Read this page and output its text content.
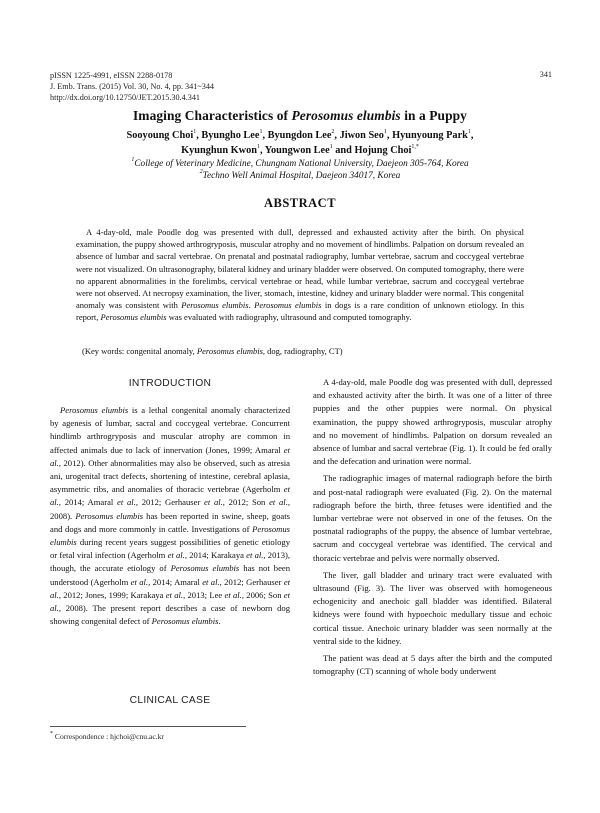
pISSN 1225-4991, eISSN 2288-0178
J. Emb. Trans. (2015) Vol. 30, No. 4, pp. 341~344
http://dx.doi.org/10.12750/JET.2015.30.4.341
341
Imaging Characteristics of Perosomus elumbis in a Puppy
Sooyoung Choi$^1$, Byungho Lee$^1$, Byungdon Lee$^2$, Jiwon Seo$^1$, Hyunyoung Park$^1$,
Kyunghun Kwon$^1$, Youngwon Lee$^1$ and Hojung Choi$^{1,*}$
$^1$College of Veterinary Medicine, Chungnam National University, Daejeon 305-764, Korea
$^2$Techno Well Animal Hospital, Daejeon 34017, Korea
ABSTRACT

A 4-day-old, male Poodle dog was presented with dull, depressed and exhausted activity after the birth. On physical examination, the puppy showed arthrogryposis, muscular atrophy and no movement of hindlimbs. Palpation on dorsum revealed an absence of lumbar and sacral vertebrae. On prenatal and postnatal radiography, lumbar vertebrae, sacrum and coccygeal vertebrae were not visualized. On ultrasonography, bilateral kidney and urinary bladder were observed. On computed tomography, there were no apparent abnormalities in the forelimbs, cervical vertebrae or head, while lumbar vertebrae, sacrum and coccygeal vertebrae were not observed. At necropsy examination, the liver, stomach, intestine, kidney and urinary bladder were normal. This congenital anomaly was consistent with Perosomus elumbis. Perosomus elumbis in dogs is a rare condition of unknown etiology. In this report, Perosomus elumbis was evaluated with radiography, ultrasound and computed tomography.

(Key words: congenital anomaly, Perosomus elumbis, dog, radiography, CT)
INTRODUCTION

Perosomus elumbis is a lethal congenital anomaly characterized by agenesis of lumbar, sacral and coccygeal vertebrae. Concurrent hindlimb arthrogryposis and muscular atrophy are common in affected animals due to lack of innervation (Jones, 1999; Amaral et al., 2012). Other abnormalities may also be observed, such as atresia ani, urogenital tract defects, shortening of intestine, cerebral aplasia, asymmetric ribs, and anomalies of thoracic vertebrae (Agerholm et al., 2014; Amaral et al., 2012; Gerhauser et al., 2012; Son et al., 2008). Perosomus elumbis has been reported in swine, sheep, goats and dogs and more commonly in cattle. Investigations of Perosomus elumbis during recent years suggest possibilities of genetic etiology or fetal viral infection (Agerholm et al., 2014; Karakaya et al., 2013), though, the accurate etiology of Perosomus elumbis has not been understood (Agerholm et al., 2014; Amaral et al., 2012; Gerhauser et al., 2012; Jones, 1999; Karakaya et al., 2013; Lee et al., 2006; Son et al., 2008). The present report describes a case of newborn dog showing congenital defect of Perosomus elumbis.

CLINICAL CASE
* Correspondence : hjchoi@cnu.ac.kr

A 4-day-old, male Poodle dog was presented with dull, depressed and exhausted activity after the birth. It was one of a litter of three puppies and the other puppies were normal. On physical examination, the puppy showed arthrogryposis, muscular atrophy and no movement of hindlimbs. Palpation on dorsum revealed an absence of lumbar and sacral vertebrae (Fig. 1). It could be fed orally and the defecation and urination were normal.

The radiographic images of maternal radiograph before the birth and post-natal radiograph were evaluated (Fig. 2). On the maternal radiograph before the birth, three fetuses were identified and the lumbar vertebrae were not observed in one of the fetuses. On the postnatal radiographs of the puppy, the absence of lumbar vertebrae, sacrum and coccygeal vertebrae was identified. The cervical and thoracic vertebrae and pelvis were normally observed.

The liver, gall bladder and urinary tract were evaluated with ultrasound (Fig. 3). The liver was observed with homogeneous echogenicity and anechoic gall bladder was identified. Bilateral kidneys were found with hypoechoic medullary tissue and echoic cortical tissue. Anechoic urinary bladder was seen normally at the ventral side to the kidney.

The patient was dead at 5 days after the birth and the computed tomography (CT) scanning of whole body underwent
